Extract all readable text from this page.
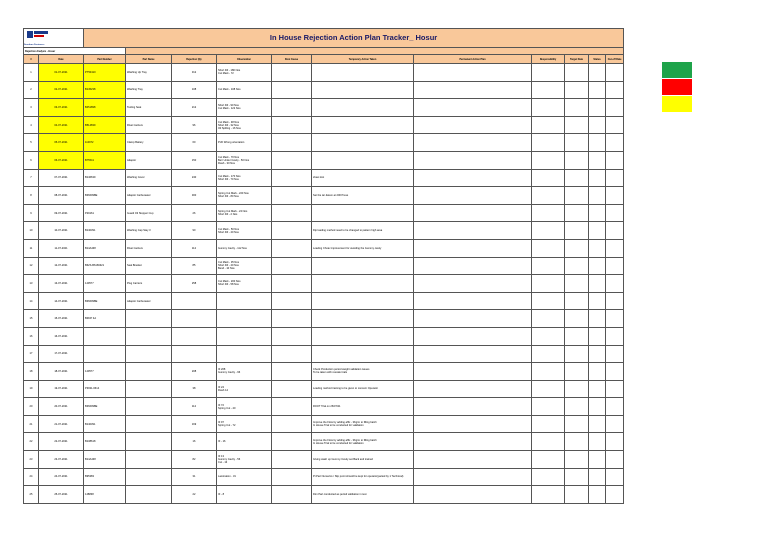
Sundram Fasteners		In House Rejection Action Plan Tracker_ Hosur										
Rejection Analysis - Hosur												
#	Date	Part Number	Part Name	Rejection Qty	Observation	Root Cause	Temporary Action Taken	Permanent Action Plan	Responsibility	Target Date	Status	Cut-off Date
1	01-07-2021	PT50410	Washing Up Tray	312	Short Fill - 180 Nos
Cut Mark - 72							
2	02-07-2021	B145238	Washing Tray	108	Cut Mark - 108 Nos							
3	03-07-2021	B451898	Tooling Seat	212	Short Fill - 90 Nos
Cut Mark - 122 Nos							
4	04-07-2021	B514839	Rivet Carriers	96	Cut Mark - 48 Nos
Short Fill - 32 Nos
Oil Spilling - 16 Nos							
5	05-07-2021	110972	Clamp Battery	60	PUF Wrong orientation							
6	06-07-2021	B75541	Adaptor	150	Cut Mark - 70 Nos
Berr Under Cavity - 50 Nos
Flash - 30 Nos							
7	07-07-2021	B146639	Washing Cover	240	Cut Mark - 170 Nos
Short Fill - 70 Nos		sheet lost					
8	08-07-2021	B36609BE	Adaptor Carbureator	300	Spring Cut Mark - 220 Nos
Short Fill - 80 Nos		Set the tar datum at 200 Press					
9	09-07-2021	P29161	Guard Oil Stopper Cup	26	Spring Cut Mark - 24 Nos
Short Fill - 2 Nos							
10	10-07-2021	B140391	Washing Cap Stay 3	90	Cut Mark - 50 Nos
Short Fill - 40 Nos		Dip loading method need to be changed to pattern high area					
11	11-07-2021	B14A438	Rivet Carriers	112	Gummy Cavity - 112 Nos		Loading Chute Improvement for avoiding the Gummy cavity					
12	12-07-2021	B62S-B6169321	Seal Bracket	85	Cut Mark - 35 Nos
Short Fill - 40 Nos
Bend - 10 Nos							
13	13-07-2021	140577	Plug Carriers	258	Cut Mark - 200 Nos
Short Fill - 58 Nos							
14	14-07-2021	B36609BE	Adaptor Carbureator									
15	15-07-2021	BRCP 4A										
16	16-07-2021											
17	17-07-2021											
18	18-07-2021	140577		208	IF 208
Gummy Cavity - 96		Check Production period weight validation issues
To be taken with rescale trials					
19	19-07-2021	P3931-6614		38	IF 24
Flash 14		Loading method training to be given to concern Operator					
20	20-07-2021	B36609BE		112	IF 72
Spring Cut - 40		ROOT Trial on 26/07/21					
21	21-07-2021	B140391		169	IF 97
Spring Cut - 72		Improve the Flow by adding affix - 3Kg/m to filling batch
In House Trial to be conducted for validation					
22	22-07-2021	B138618		16	IF - 16		Improve the Flow by adding affix - 3Kg/m to filling batch
In House Trial to be conducted for validation					
23	23-07-2021	B14A438		82	IF 13
Gummy Cavity - 56
Cut - 13		Giving wash up Gummy Cavity set Back and trained					
24	24-07-2021	B95383		31	Lamination - 31		Pt Part Numerics / Slip point should be kept for operator(parted by 1 Technical)					
25	25-07-2021	148838		22	IF - 8		Dim Part conducted as period validation in test					
